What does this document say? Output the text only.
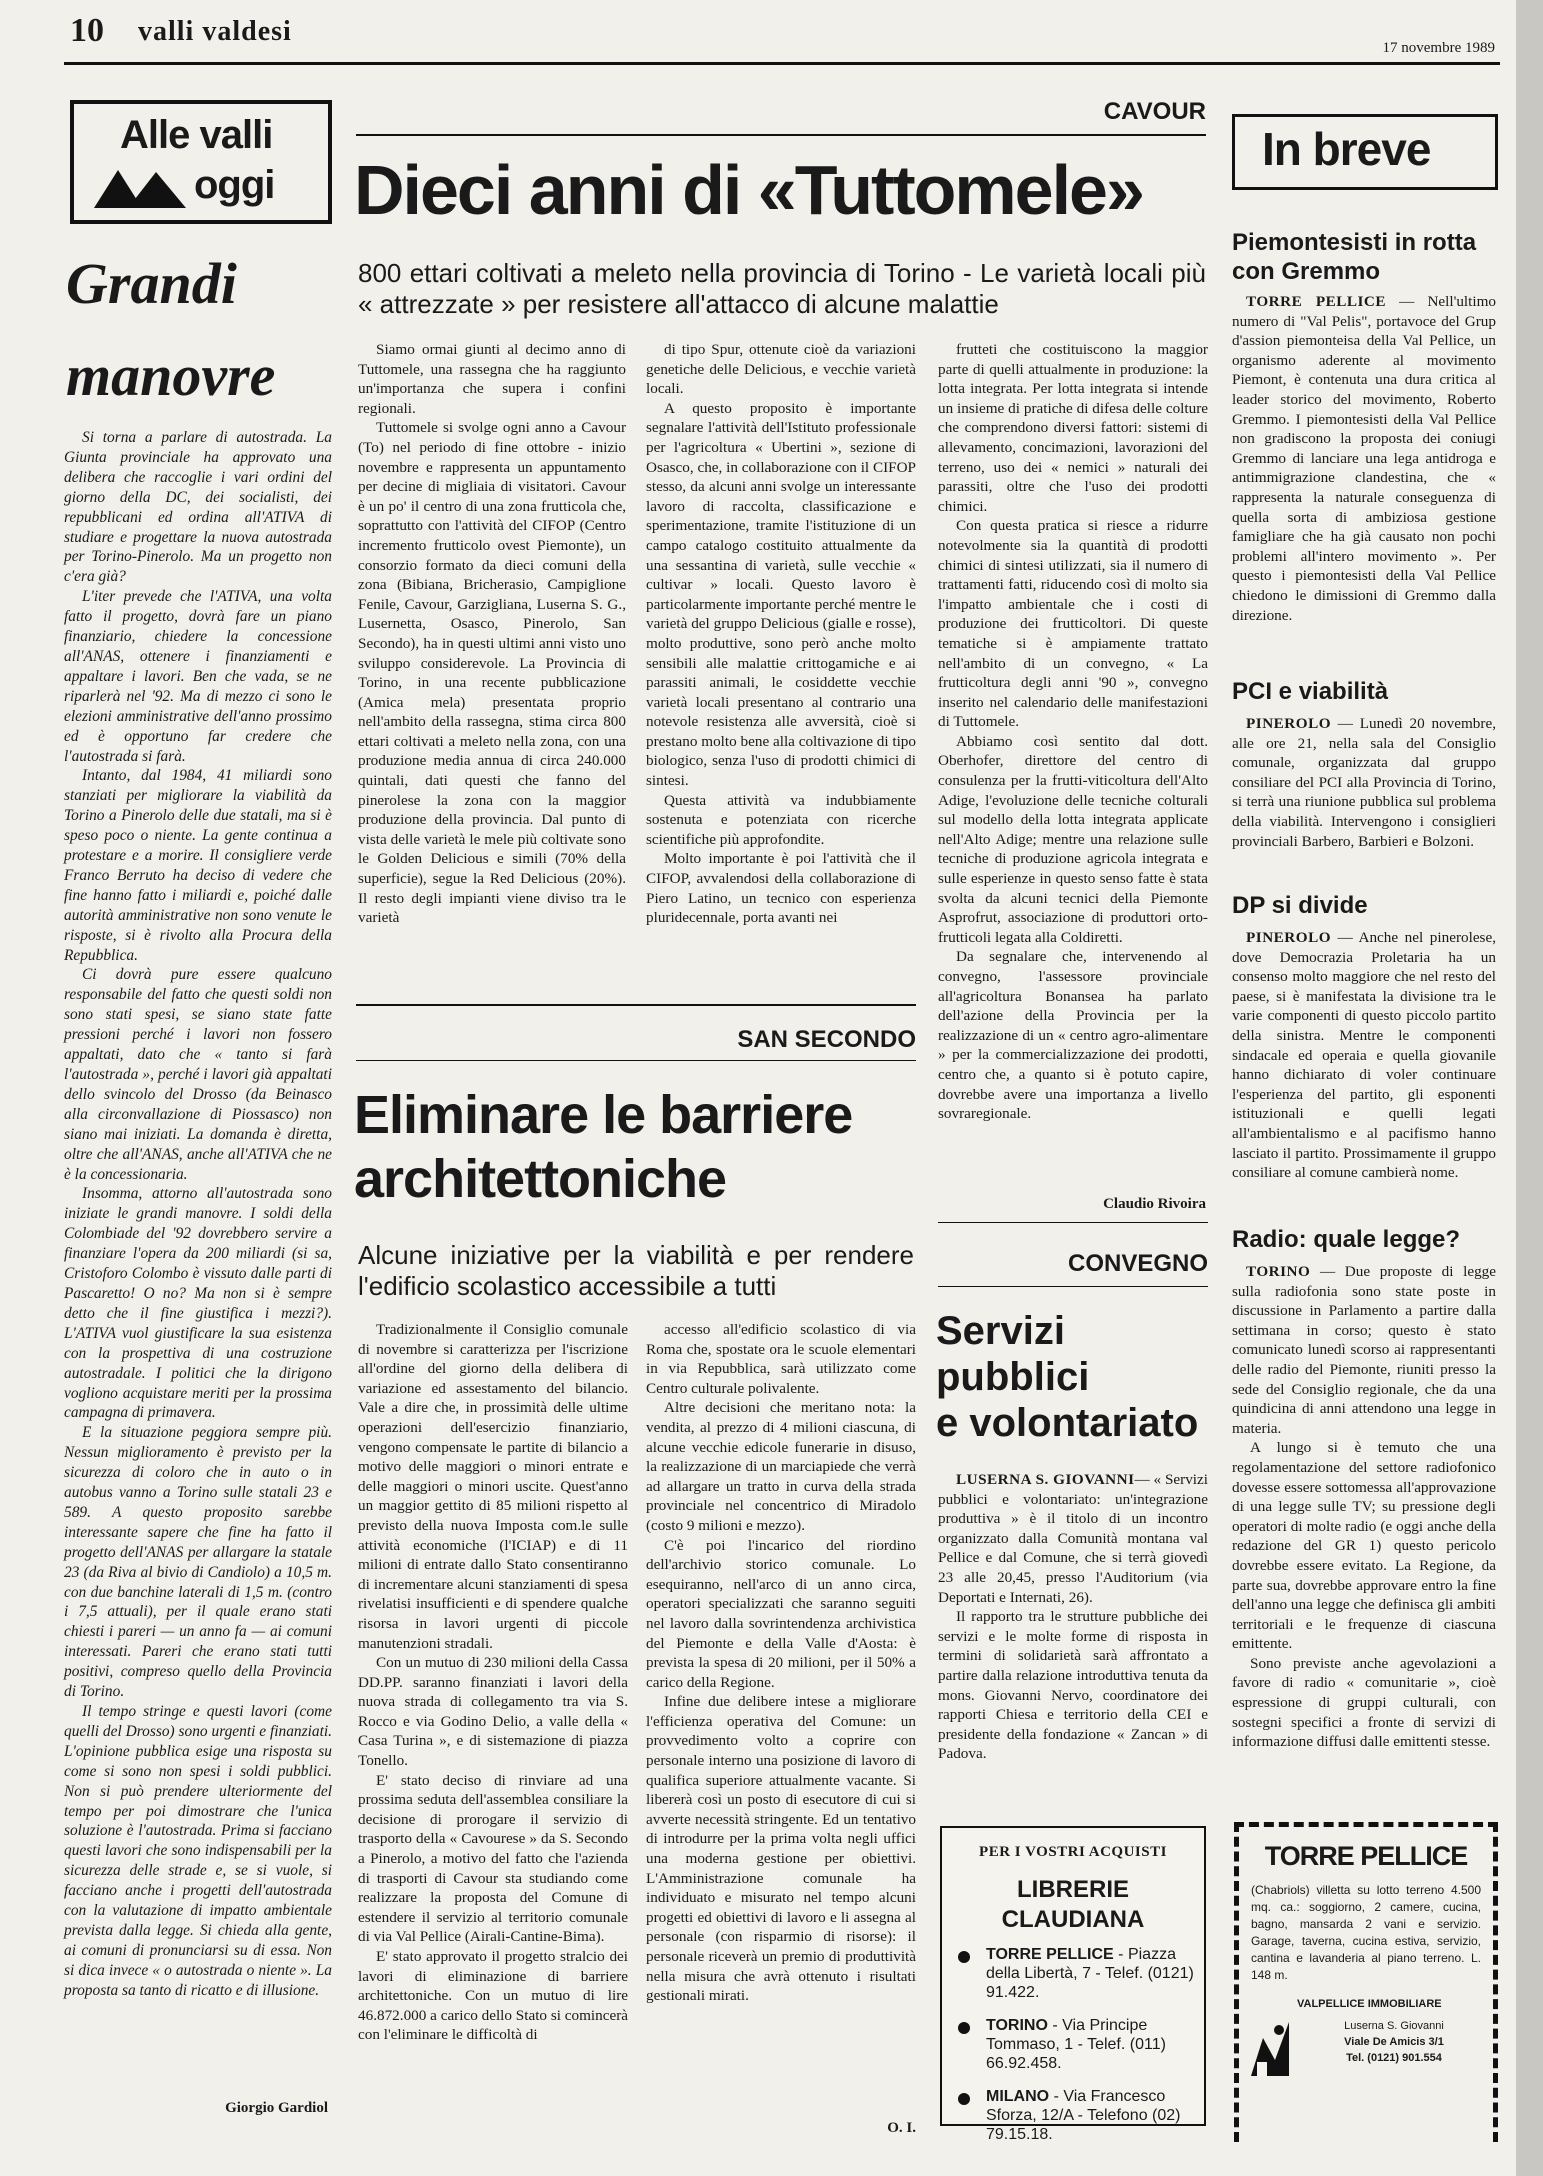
10 valli valdesi
17 novembre 1989
Alle valli
oggi
Grandi
manovre

Si torna a parlare di autostrada. La Giunta provinciale ha approvato una delibera che raccoglie i vari ordini del giorno della DC, dei socialisti, dei repubblicani ed ordina all'ATIVA di studiare e progettare la nuova autostrada per Torino-Pinerolo. Ma un progetto non c'era già?

L'iter prevede che l'ATIVA, una volta fatto il progetto, dovrà fare un piano finanziario, chiedere la concessione all'ANAS, ottenere i finanziamenti e appaltare i lavori. Ben che vada, se ne riparlerà nel '92. Ma di mezzo ci sono le elezioni amministrative dell'anno prossimo ed è opportuno far credere che l'autostrada si farà.

Intanto, dal 1984, 41 miliardi sono stanziati per migliorare la viabilità da Torino a Pinerolo delle due statali, ma si è speso poco o niente. La gente continua a protestare e a morire. Il consigliere verde Franco Berruto ha deciso di vedere che fine hanno fatto i miliardi e, poiché dalle autorità amministrative non sono venute le risposte, si è rivolto alla Procura della Repubblica.

Ci dovrà pure essere qualcuno responsabile del fatto che questi soldi non sono stati spesi, se siano state fatte pressioni perché i lavori non fossero appaltati, dato che « tanto si farà l'autostrada », perché i lavori già appaltati dello svincolo del Drosso (da Beinasco alla circonvallazione di Piossasco) non siano mai iniziati. La domanda è diretta, oltre che all'ANAS, anche all'ATIVA che ne è la concessionaria.

Insomma, attorno all'autostrada sono iniziate le grandi manovre. I soldi della Colombiade del '92 dovrebbero servire a finanziare l'opera da 200 miliardi (si sa, Cristoforo Colombo è vissuto dalle parti di Pascaretto! O no? Ma non si è sempre detto che il fine giustifica i mezzi?). L'ATIVA vuol giustificare la sua esistenza con la prospettiva di una costruzione autostradale. I politici che la dirigono vogliono acquistare meriti per la prossima campagna di primavera.

E la situazione peggiora sempre più. Nessun miglioramento è previsto per la sicurezza di coloro che in auto o in autobus vanno a Torino sulle statali 23 e 589. A questo proposito sarebbe interessante sapere che fine ha fatto il progetto dell'ANAS per allargare la statale 23 (da Riva al bivio di Candiolo) a 10,5 m. con due banchine laterali di 1,5 m. (contro i 7,5 attuali), per il quale erano stati chiesti i pareri — un anno fa — ai comuni interessati. Pareri che erano stati tutti positivi, compreso quello della Provincia di Torino.

Il tempo stringe e questi lavori (come quelli del Drosso) sono urgenti e finanziati. L'opinione pubblica esige una risposta su come si sono non spesi i soldi pubblici. Non si può prendere ulteriormente del tempo per poi dimostrare che l'unica soluzione è l'autostrada. Prima si facciano questi lavori che sono indispensabili per la sicurezza delle strade e, se si vuole, si facciano anche i progetti dell'autostrada con la valutazione di impatto ambientale prevista dalla legge. Si chieda alla gente, ai comuni di pronunciarsi su di essa. Non si dica invece « o autostrada o niente ». La proposta sa tanto di ricatto e di illusione.

Giorgio Gardiol
CAVOUR
Dieci anni di «Tuttomele»
800 ettari coltivati a meleto nella provincia di Torino - Le varietà locali più « attrezzate » per resistere all'attacco di alcune malattie

Siamo ormai giunti al decimo anno di Tuttomele, una rassegna che ha raggiunto un'importanza che supera i confini regionali.

Tuttomele si svolge ogni anno a Cavour (To) nel periodo di fine ottobre - inizio novembre e rappresenta un appuntamento per decine di migliaia di visitatori. Cavour è un po' il centro di una zona frutticola che, soprattutto con l'attività del CIFOP (Centro incremento frutticolo ovest Piemonte), un consorzio formato da dieci comuni della zona (Bibiana, Bricherasio, Campiglione Fenile, Cavour, Garzigliana, Luserna S. G., Lusernetta, Osasco, Pinerolo, San Secondo), ha in questi ultimi anni visto uno sviluppo considerevole. La Provincia di Torino, in una recente pubblicazione (Amica mela) presentata proprio nell'ambito della rassegna, stima circa 800 ettari coltivati a meleto nella zona, con una produzione media annua di circa 240.000 quintali, dati questi che fanno del pinerolese la zona con la maggior produzione della provincia. Dal punto di vista delle varietà le mele più coltivate sono le Golden Delicious e simili (70% della superficie), segue la Red Delicious (20%). Il resto degli impianti viene diviso tra le varietà

di tipo Spur, ottenute cioè da variazioni genetiche delle Delicious, e vecchie varietà locali.

A questo proposito è importante segnalare l'attività dell'Istituto professionale per l'agricoltura « Ubertini », sezione di Osasco, che, in collaborazione con il CIFOP stesso, da alcuni anni svolge un interessante lavoro di raccolta, classificazione e sperimentazione, tramite l'istituzione di un campo catalogo costituito attualmente da una sessantina di varietà, sulle vecchie « cultivar » locali. Questo lavoro è particolarmente importante perché mentre le varietà del gruppo Delicious (gialle e rosse), molto produttive, sono però anche molto sensibili alle malattie crittogamiche e ai parassiti animali, le cosiddette vecchie varietà locali presentano al contrario una notevole resistenza alle avversità, cioè si prestano molto bene alla coltivazione di tipo biologico, senza l'uso di prodotti chimici di sintesi.

Questa attività va indubbiamente sostenuta e potenziata con ricerche scientifiche più approfondite.

Molto importante è poi l'attività che il CIFOP, avvalendosi della collaborazione di Piero Latino, un tecnico con esperienza pluridecennale, porta avanti nei

frutteti che costituiscono la maggior parte di quelli attualmente in produzione: la lotta integrata. Per lotta integrata si intende un insieme di pratiche di difesa delle colture che comprendono diversi fattori: sistemi di allevamento, concimazioni, lavorazioni del terreno, uso dei « nemici » naturali dei parassiti, oltre che l'uso dei prodotti chimici.

Con questa pratica si riesce a ridurre notevolmente sia la quantità di prodotti chimici di sintesi utilizzati, sia il numero di trattamenti fatti, riducendo così di molto sia l'impatto ambientale che i costi di produzione dei frutticoltori. Di queste tematiche si è ampiamente trattato nell'ambito di un convegno, « La frutticoltura degli anni '90 », convegno inserito nel calendario delle manifestazioni di Tuttomele.

Abbiamo così sentito dal dott. Oberhofer, direttore del centro di consulenza per la frutti-viticoltura dell'Alto Adige, l'evoluzione delle tecniche colturali sul modello della lotta integrata applicate nell'Alto Adige; mentre una relazione sulle tecniche di produzione agricola integrata e sulle esperienze in questo senso fatte è stata svolta da alcuni tecnici della Piemonte Asprofrut, associazione di produttori orto-frutticoli legata alla Coldiretti.

Da segnalare che, intervenendo al convegno, l'assessore provinciale all'agricoltura Bonansea ha parlato dell'azione della Provincia per la realizzazione di un « centro agro-alimentare » per la commercializzazione dei prodotti, centro che, a quanto si è potuto capire, dovrebbe avere una importanza a livello sovraregionale.

Claudio Rivoira
SAN SECONDO
Eliminare le barriere
architettoniche
Alcune iniziative per la viabilità e per rendere l'edificio scolastico accessibile a tutti

Tradizionalmente il Consiglio comunale di novembre si caratterizza per l'iscrizione all'ordine del giorno della delibera di variazione ed assestamento del bilancio. Vale a dire che, in prossimità delle ultime operazioni dell'esercizio finanziario, vengono compensate le partite di bilancio a motivo delle maggiori o minori entrate e delle maggiori o minori uscite. Quest'anno un maggior gettito di 85 milioni rispetto al previsto della nuova Imposta com.le sulle attività economiche (l'ICIAP) e di 11 milioni di entrate dallo Stato consentiranno di incrementare alcuni stanziamenti di spesa rivelatisi insufficienti e di spendere qualche risorsa in lavori urgenti di piccole manutenzioni stradali.

Con un mutuo di 230 milioni della Cassa DD.PP. saranno finanziati i lavori della nuova strada di collegamento tra via S. Rocco e via Godino Delio, a valle della « Casa Turina », e di sistemazione di piazza Tonello.

E' stato deciso di rinviare ad una prossima seduta dell'assemblea consiliare la decisione di prorogare il servizio di trasporto della « Cavourese » da S. Secondo a Pinerolo, a motivo del fatto che l'azienda di trasporti di Cavour sta studiando come realizzare la proposta del Comune di estendere il servizio al territorio comunale di via Val Pellice (Airali-Cantine-Bima).

E' stato approvato il progetto stralcio dei lavori di eliminazione di barriere architettoniche. Con un mutuo di lire 46.872.000 a carico dello Stato si comincerà con l'eliminare le difficoltà di

accesso all'edificio scolastico di via Roma che, spostate ora le scuole elementari in via Repubblica, sarà utilizzato come Centro culturale polivalente.

Altre decisioni che meritano nota: la vendita, al prezzo di 4 milioni ciascuna, di alcune vecchie edicole funerarie in disuso, la realizzazione di un marciapiede che verrà ad allargare un tratto in curva della strada provinciale nel concentrico di Miradolo (costo 9 milioni e mezzo).

C'è poi l'incarico del riordino dell'archivio storico comunale. Lo esequiranno, nell'arco di un anno circa, operatori specializzati che saranno seguiti nel lavoro dalla sovrintendenza archivistica del Piemonte e della Valle d'Aosta: è prevista la spesa di 20 milioni, per il 50% a carico della Regione.

Infine due delibere intese a migliorare l'efficienza operativa del Comune: un provvedimento volto a coprire con personale interno una posizione di lavoro di qualifica superiore attualmente vacante. Si libererà così un posto di esecutore di cui si avverte necessità stringente. Ed un tentativo di introdurre per la prima volta negli uffici una moderna gestione per obiettivi. L'Amministrazione comunale ha individuato e misurato nel tempo alcuni progetti ed obiettivi di lavoro e li assegna al personale (con risparmio di risorse): il personale riceverà un premio di produttività nella misura che avrà ottenuto i risultati gestionali mirati.

O. I.
CONVEGNO
Servizi
pubblici
e volontariato

LUSERNA S. GIOVANNI— « Servizi pubblici e volontariato: un'integrazione produttiva » è il titolo di un incontro organizzato dalla Comunità montana val Pellice e dal Comune, che si terrà giovedì 23 alle 20,45, presso l'Auditorium (via Deportati e Internati, 26).

Il rapporto tra le strutture pubbliche dei servizi e le molte forme di risposta in termini di solidarietà sarà affrontato a partire dalla relazione introduttiva tenuta da mons. Giovanni Nervo, coordinatore dei rapporti Chiesa e territorio della CEI e presidente della fondazione « Zancan » di Padova.

PER I VOSTRI ACQUISTI
LIBRERIE
CLAUDIANA
TORRE PELLICE - Piazza della Libertà, 7 - Telef. (0121) 91.422.
TORINO - Via Principe Tommaso, 1 - Telef. (011) 66.92.458.
MILANO - Via Francesco Sforza, 12/A - Telefono (02) 79.15.18.
In breve
Piemontesisti in rotta con Gremmo

TORRE PELLICE — Nell'ultimo numero di "Val Pelis", portavoce del Grup d'assion piemonteisa della Val Pellice, un organismo aderente al movimento Piemont, è contenuta una dura critica al leader storico del movimento, Roberto Gremmo. I piemontesisti della Val Pellice non gradiscono la proposta dei coniugi Gremmo di lanciare una lega antidroga e antimmigrazione clandestina, che « rappresenta la naturale conseguenza di quella sorta di ambiziosa gestione famigliare che ha già causato non pochi problemi all'intero movimento ». Per questo i piemontesisti della Val Pellice chiedono le dimissioni di Gremmo dalla direzione.

PCI e viabilità

PINEROLO — Lunedì 20 novembre, alle ore 21, nella sala del Consiglio comunale, organizzata dal gruppo consiliare del PCI alla Provincia di Torino, si terrà una riunione pubblica sul problema della viabilità. Intervengono i consiglieri provinciali Barbero, Barbieri e Bolzoni.

DP si divide

PINEROLO — Anche nel pinerolese, dove Democrazia Proletaria ha un consenso molto maggiore che nel resto del paese, si è manifestata la divisione tra le varie componenti di questo piccolo partito della sinistra. Mentre le componenti sindacale ed operaia e quella giovanile hanno dichiarato di voler continuare l'esperienza del partito, gli esponenti istituzionali e quelli legati all'ambientalismo e al pacifismo hanno lasciato il partito. Prossimamente il gruppo consiliare al comune cambierà nome.

Radio: quale legge?

TORINO — Due proposte di legge sulla radiofonia sono state poste in discussione in Parlamento a partire dalla settimana in corso; questo è stato comunicato lunedì scorso ai rappresentanti delle radio del Piemonte, riuniti presso la sede del Consiglio regionale, che da una quindicina di anni attendono una legge in materia.

A lungo si è temuto che una regolamentazione del settore radiofonico dovesse essere sottomessa all'approvazione di una legge sulle TV; su pressione degli operatori di molte radio (e oggi anche della redazione del GR 1) questo pericolo dovrebbe essere evitato. La Regione, da parte sua, dovrebbe approvare entro la fine dell'anno una legge che definisca gli ambiti territoriali e le frequenze di ciascuna emittente.

Sono previste anche agevolazioni a favore di radio « comunitarie », cioè espressione di gruppi culturali, con sostegni specifici a fronte di servizi di informazione diffusi dalle emittenti stesse.

TORRE PELLICE
(Chabriols) villetta su lotto terreno 4.500 mq. ca.: soggiorno, 2 camere, cucina, bagno, mansarda 2 vani e servizio. Garage, taverna, cucina estiva, servizio, cantina e lavanderia al piano terreno. L. 148 m.
VALPELLICE IMMOBILIARE
Luserna S. Giovanni
Viale De Amicis 3/1
Tel. (0121) 901.554
